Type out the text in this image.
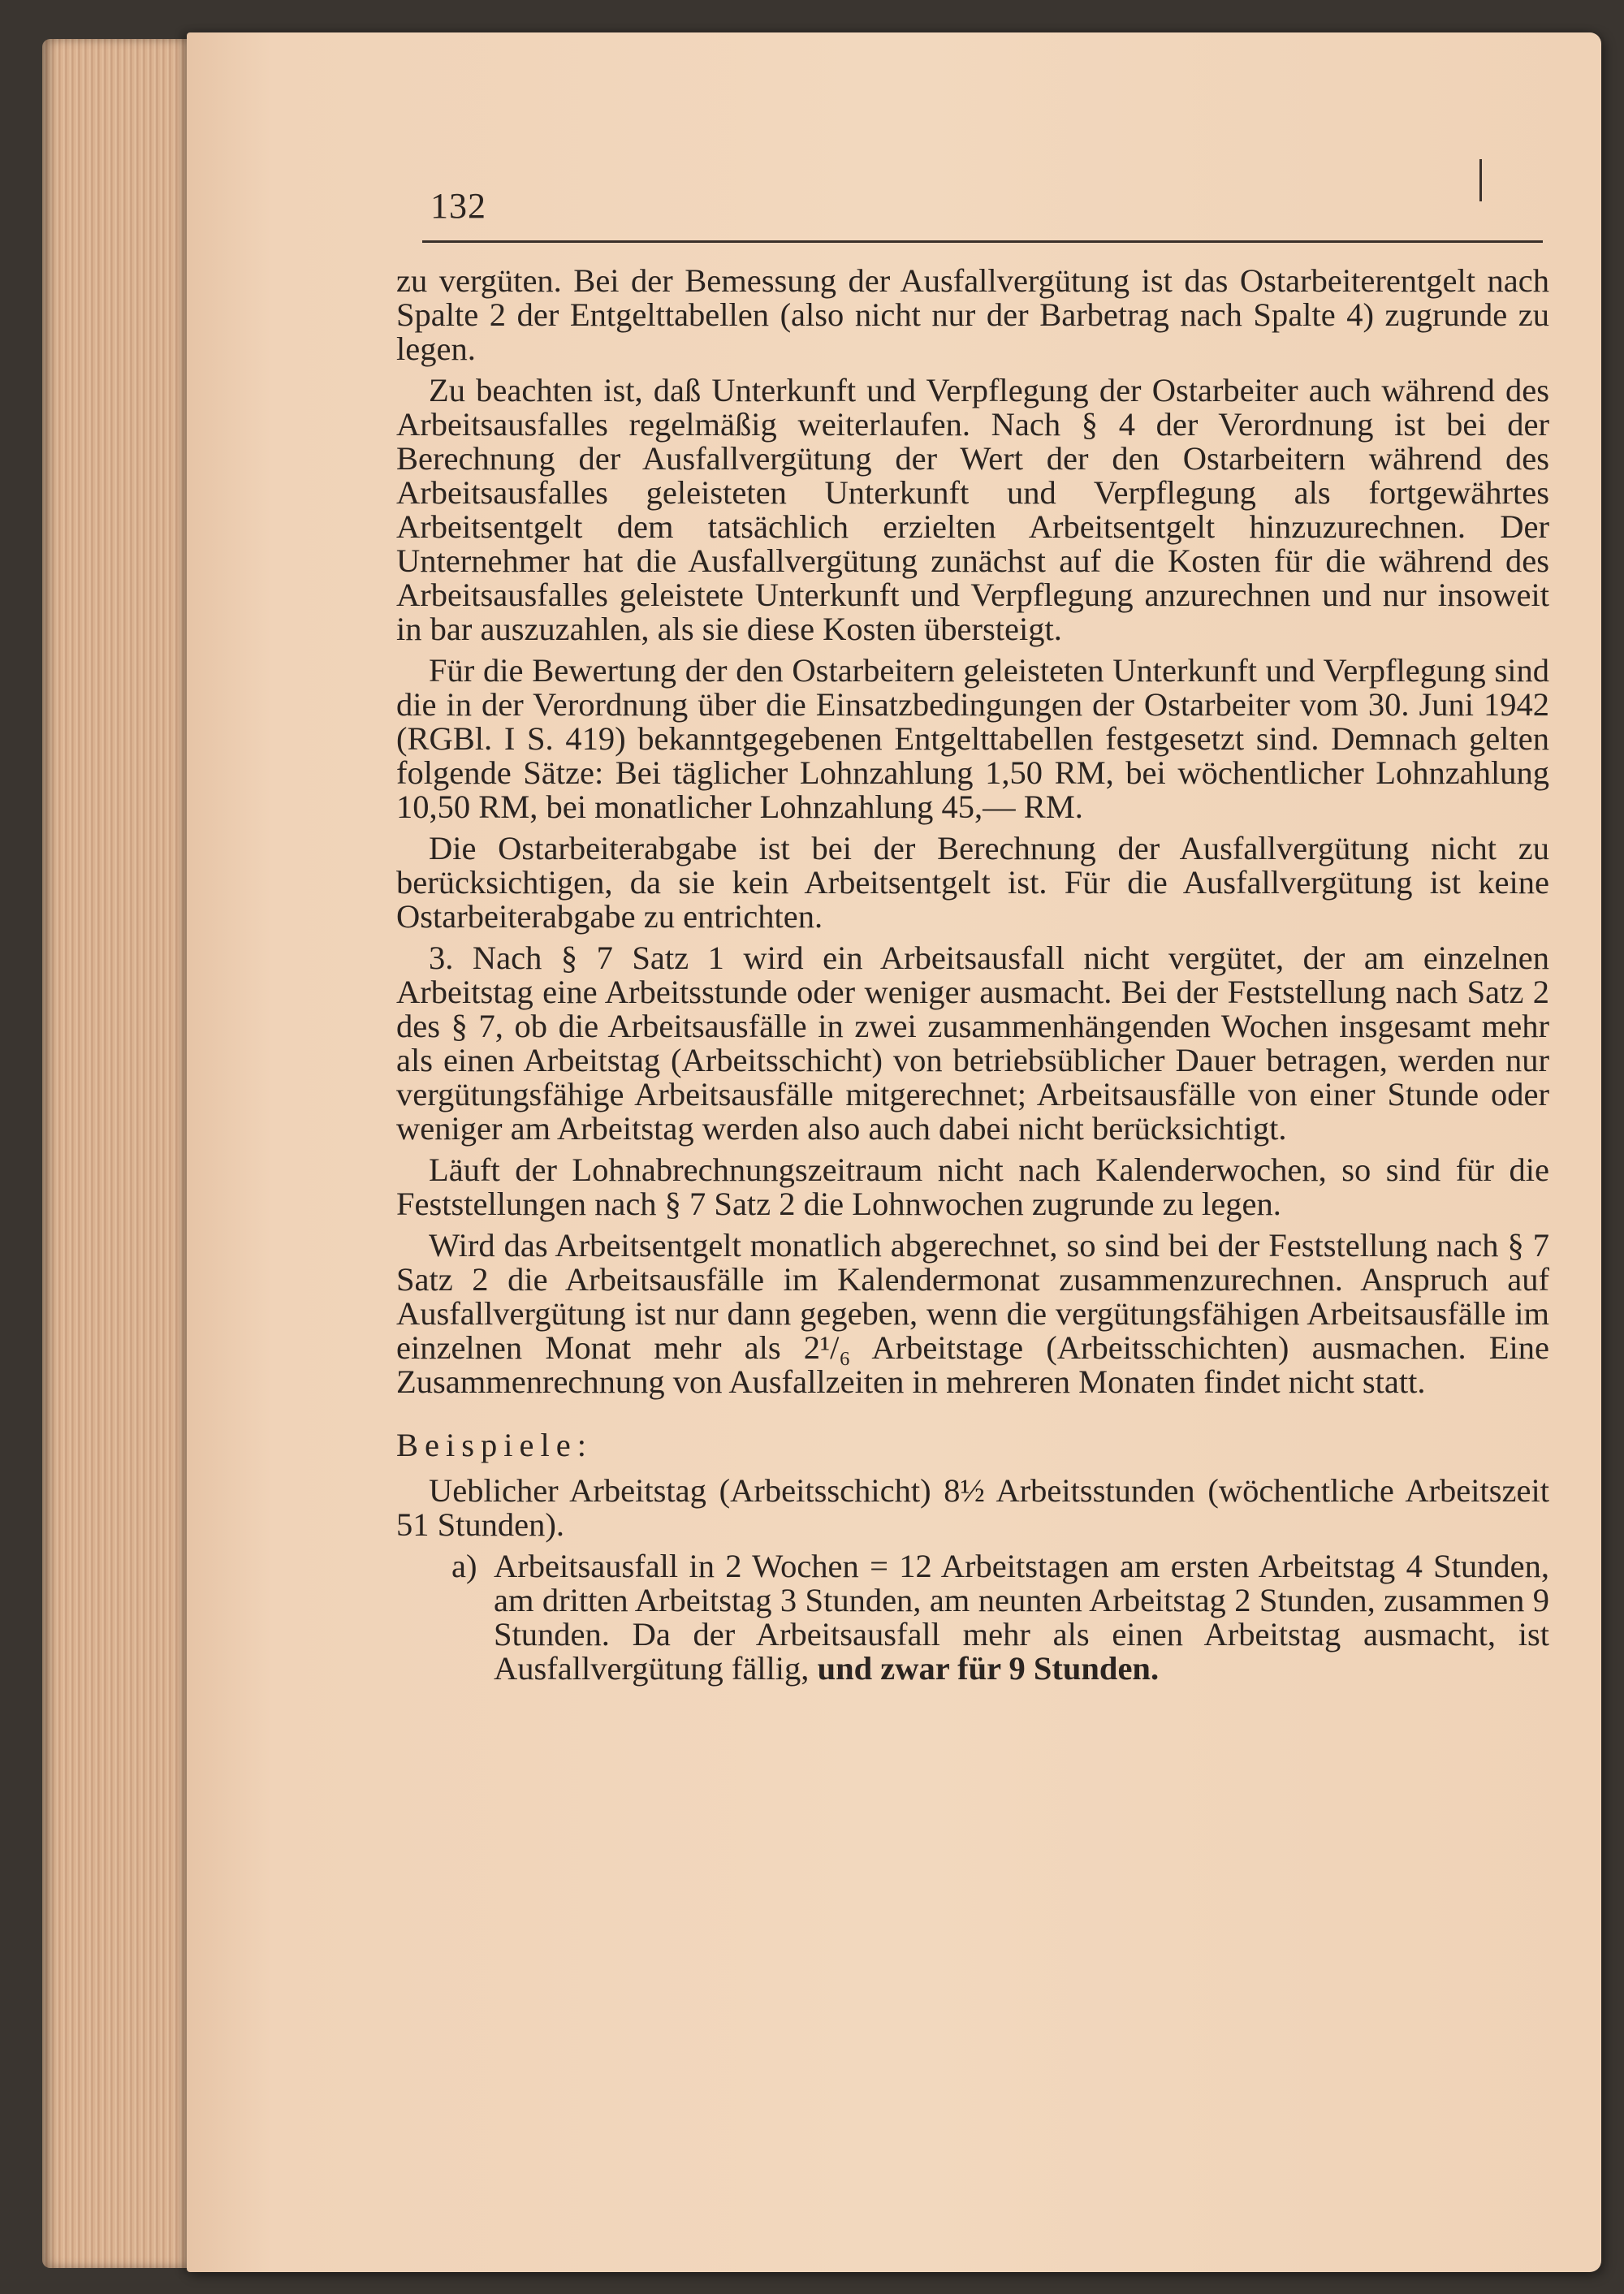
132

zu vergüten. Bei der Bemessung der Ausfallvergütung ist das Ostarbeiterentgelt nach Spalte 2 der Entgelttabellen (also nicht nur der Barbetrag nach Spalte 4) zugrunde zu legen.

Zu beachten ist, daß Unterkunft und Verpflegung der Ostarbeiter auch während des Arbeitsausfalles regelmäßig weiterlaufen. Nach § 4 der Verordnung ist bei der Berechnung der Ausfallvergütung der Wert der den Ostarbeitern während des Arbeitsausfalles geleisteten Unterkunft und Verpflegung als fortgewährtes Arbeitsentgelt dem tatsächlich erzielten Arbeitsentgelt hinzuzurechnen. Der Unternehmer hat die Ausfallvergütung zunächst auf die Kosten für die während des Arbeitsausfalles geleistete Unterkunft und Verpflegung anzurechnen und nur insoweit in bar auszuzahlen, als sie diese Kosten übersteigt.

Für die Bewertung der den Ostarbeitern geleisteten Unterkunft und Verpflegung sind die in der Verordnung über die Einsatzbedingungen der Ostarbeiter vom 30. Juni 1942 (RGBl. I S. 419) bekanntgegebenen Entgelttabellen festgesetzt sind. Demnach gelten folgende Sätze: Bei täglicher Lohnzahlung 1,50 RM, bei wöchentlicher Lohnzahlung 10,50 RM, bei monatlicher Lohnzahlung 45,— RM.

Die Ostarbeiterabgabe ist bei der Berechnung der Ausfallvergütung nicht zu berücksichtigen, da sie kein Arbeitsentgelt ist. Für die Ausfallvergütung ist keine Ostarbeiterabgabe zu entrichten.

3. Nach § 7 Satz 1 wird ein Arbeitsausfall nicht vergütet, der am einzelnen Arbeitstag eine Arbeitsstunde oder weniger ausmacht. Bei der Feststellung nach Satz 2 des § 7, ob die Arbeitsausfälle in zwei zusammenhängenden Wochen insgesamt mehr als einen Arbeitstag (Arbeitsschicht) von betriebsüblicher Dauer betragen, werden nur vergütungsfähige Arbeitsausfälle mitgerechnet; Arbeitsausfälle von einer Stunde oder weniger am Arbeitstag werden also auch dabei nicht berücksichtigt.

Läuft der Lohnabrechnungszeitraum nicht nach Kalenderwochen, so sind für die Feststellungen nach § 7 Satz 2 die Lohnwochen zugrunde zu legen.

Wird das Arbeitsentgelt monatlich abgerechnet, so sind bei der Feststellung nach § 7 Satz 2 die Arbeitsausfälle im Kalendermonat zusammenzurechnen. Anspruch auf Ausfallvergütung ist nur dann gegeben, wenn die vergütungsfähigen Arbeitsausfälle im einzelnen Monat mehr als 2¹/₆ Arbeitstage (Arbeitsschichten) ausmachen. Eine Zusammenrechnung von Ausfallzeiten in mehreren Monaten findet nicht statt.

Beispiele:

Ueblicher Arbeitstag (Arbeitsschicht) 8½ Arbeitsstunden (wöchentliche Arbeitszeit 51 Stunden).

a) Arbeitsausfall in 2 Wochen = 12 Arbeitstagen am ersten Arbeitstag 4 Stunden, am dritten Arbeitstag 3 Stunden, am neunten Arbeitstag 2 Stunden, zusammen 9 Stunden. Da der Arbeitsausfall mehr als einen Arbeitstag ausmacht, ist Ausfallvergütung fällig, und zwar für 9 Stunden.
